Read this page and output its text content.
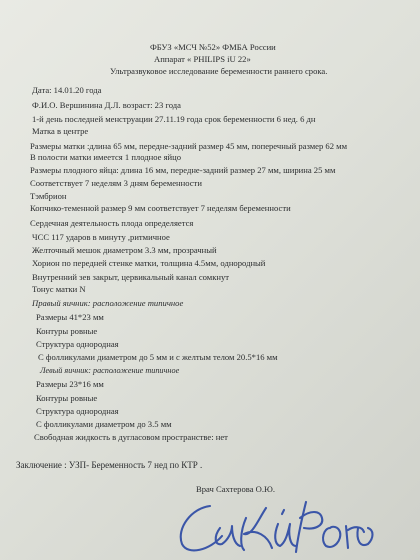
ФБУЗ «МСЧ №52» ФМБА России
Аппарат « PHILIPS iU 22»
Ультразвуковое исследование беременности раннего срока.
Дата: 14.01.20 года
Ф.И.О. Вершинина Д.Л. возраст: 23 года
1-й день последней менструации 27.11.19 года срок беременности 6 нед. 6 дн
Матка в центре
Размеры матки :длина 65 мм, передне-задний размер 45 мм, поперечный размер 62 мм
В полости матки имеется 1 плодное яйцо
Размеры плодного яйца: длина 16 мм, передне-задний размер 27 мм, ширина 25 мм
Соответствует 7 неделям 3 дням беременности
Тэмбрион
Копчико-теменной размер 9 мм соответствует 7 неделям беременности
Сердечная деятельность плода определяется
ЧСС 117 ударов в минуту ,ритмичное
Желточный мешок диаметром 3.3 мм, прозрачный
Хорион по передней стенке матки, толщина 4.5мм, однородный
Внутренний зев закрыт, цервикальный канал сомкнут
Тонус матки N
Правый яичник: расположение типичное
Размеры 41*23 мм
Контуры ровные
Структура однородная
С фолликулами диаметром до 5 мм и с желтым телом 20.5*16 мм
Левый яичник: расположение типичное
Размеры 23*16 мм
Контуры ровные
Структура однородная
С фолликулами диаметром до 3.5 мм
Свободная жидкость в дугласовом пространстве: нет
Заключение : УЗП- Беременность 7 нед по КТР .
Врач Сахтерова О.Ю.
